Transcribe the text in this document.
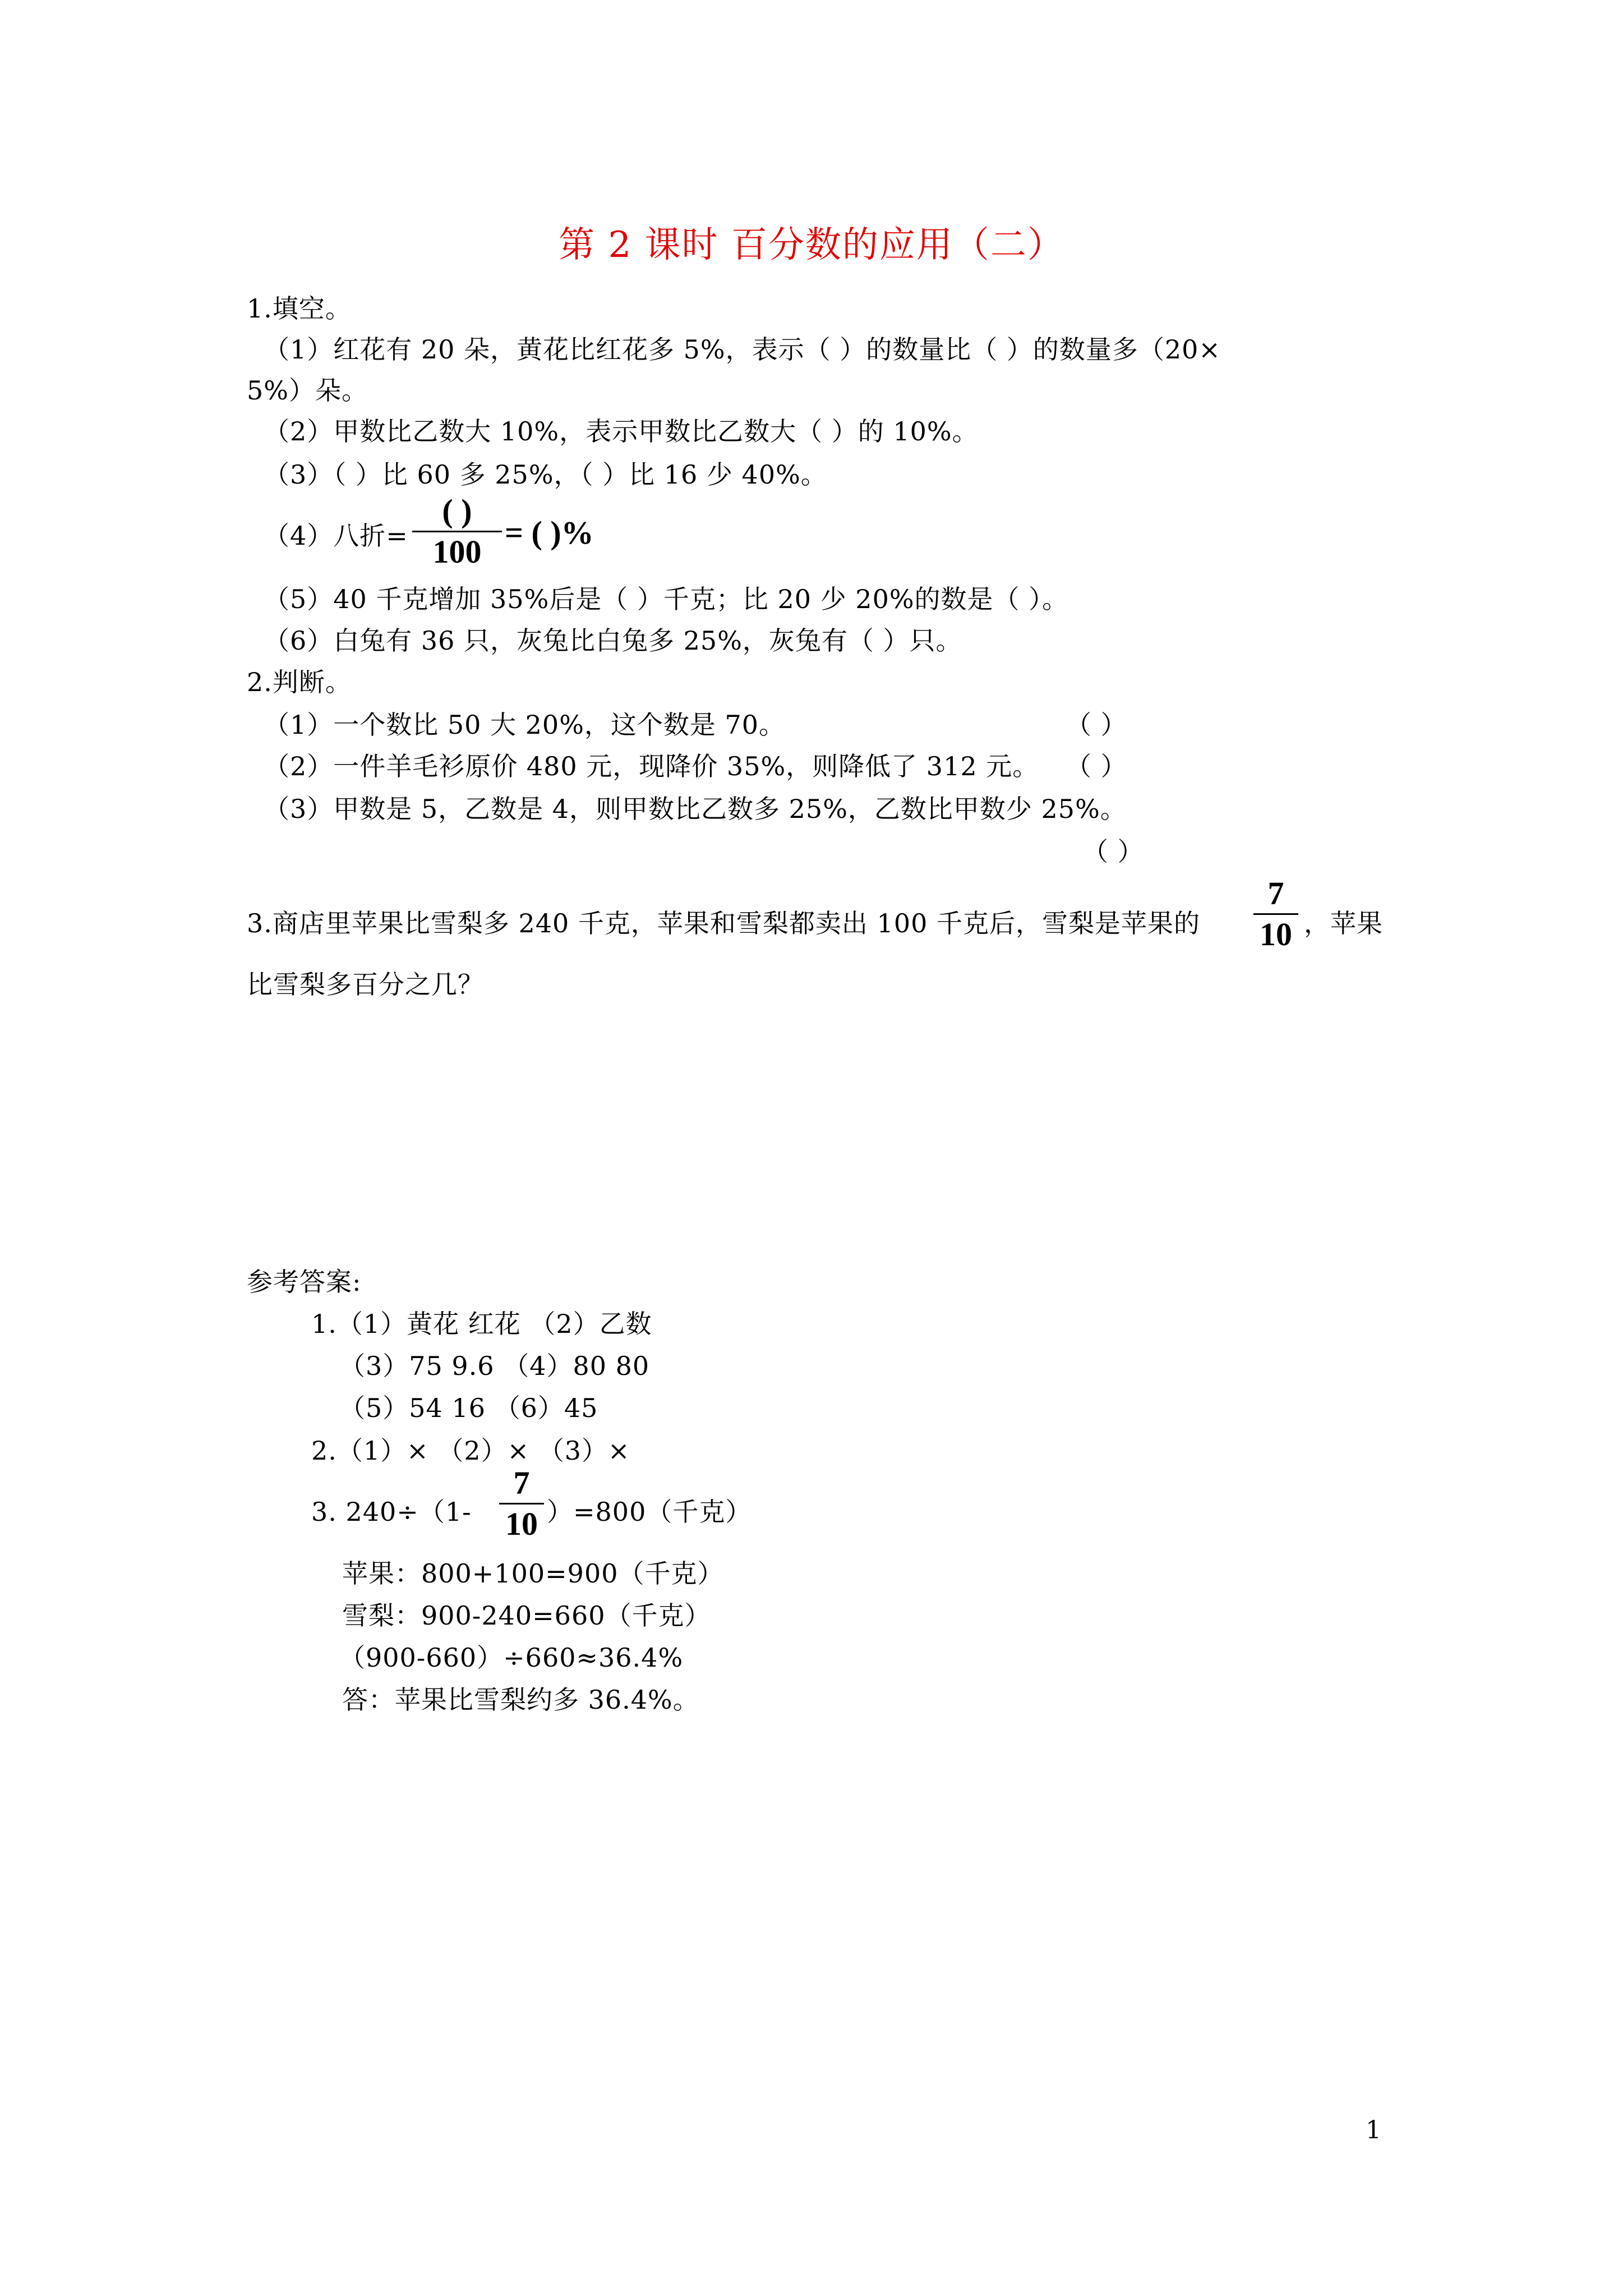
第 2 课时 百分数的应用（二）
1.填空。
（1）红花有 20 朵，黄花比红花多 5%，表示（ ）的数量比（ ）的数量多（20×
5%）朵。
（2）甲数比乙数大 10%，表示甲数比乙数大（ ）的 10%。
（3）（ ）比 60 多 25%，（ ）比 16 少 40%。
（4）八折=
( )
100
= ( )%
（5）40 千克增加 35%后是（ ）千克；比 20 少 20%的数是（ ）。
（6）白兔有 36 只，灰兔比白兔多 25%，灰兔有（ ）只。
2.判断。
（1）一个数比 50 大 20%，这个数是 70。	（ ）
（2）一件羊毛衫原价 480 元，现降价 35%，则降低了 312 元。 （ ）
（3）甲数是 5，乙数是 4，则甲数比乙数多 25%，乙数比甲数少 25%。
（ ）
3.商店里苹果比雪梨多 240 千克，苹果和雪梨都卖出 100 千克后，雪梨是苹果的
7
10 ，苹果
比雪梨多百分之几？
参考答案:
1.（1）黄花 红花 （2）乙数
（3）75 9.6 （4）80 80
（5）54 16 （6）45
2.（1）× （2）× （3）×
3. 240÷（1-
7
10 ）=800（千克）
苹果：800+100=900（千克）
雪梨：900-240=660（千克）
（900-660）÷660≈36.4%
答：苹果比雪梨约多 36.4%。
1
